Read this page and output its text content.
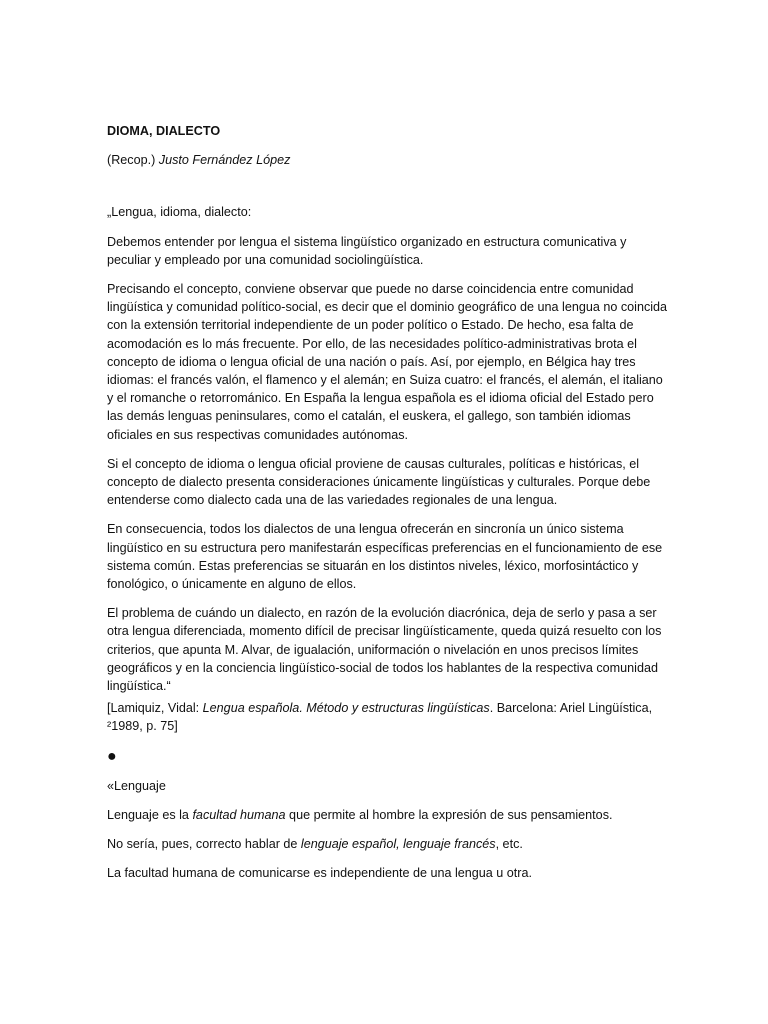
DIOMA, DIALECTO
(Recop.) Justo Fernández López
„Lengua, idioma, dialecto:
Debemos entender por lengua el sistema lingüístico organizado en estructura comunicativa y peculiar y empleado por una comunidad sociolingüística.
Precisando el concepto, conviene observar que puede no darse coincidencia entre comunidad lingüística y comunidad político-social, es decir que el dominio geográfico de una lengua no coincida con la extensión territorial independiente de un poder político o Estado. De hecho, esa falta de acomodación es lo más frecuente. Por ello, de las necesidades político-administrativas brota el concepto de idioma o lengua oficial de una nación o país. Así, por ejemplo, en Bélgica hay tres idiomas: el francés valón, el flamenco y el alemán; en Suiza cuatro: el francés, el alemán, el italiano y el romanche o retorrománico. En España la lengua española es el idioma oficial del Estado pero las demás lenguas peninsulares, como el catalán, el euskera, el gallego, son también idiomas oficiales en sus respectivas comunidades autónomas.
Si el concepto de idioma o lengua oficial proviene de causas culturales, políticas e históricas, el concepto de dialecto presenta consideraciones únicamente lingüísticas y culturales. Porque debe entenderse como dialecto cada una de las variedades regionales de una lengua.
En consecuencia, todos los dialectos de una lengua ofrecerán en sincronía un único sistema lingüístico en su estructura pero manifestarán específicas preferencias en el funcionamiento de ese sistema común. Estas preferencias se situarán en los distintos niveles, léxico, morfosintáctico y fonológico, o únicamente en alguno de ellos.
El problema de cuándo un dialecto, en razón de la evolución diacrónica, deja de serlo y pasa a ser otra lengua diferenciada, momento difícil de precisar lingüísticamente, queda quizá resuelto con los criterios, que apunta M. Alvar, de igualación, uniformación o nivelación en unos precisos límites geográficos y en la conciencia lingüístico-social de todos los hablantes de la respectiva comunidad lingüística.“
[Lamiquiz, Vidal: Lengua española. Método y estructuras lingüísticas. Barcelona: Ariel Lingüística, ²1989, p. 75]
●
«Lenguaje
Lenguaje es la facultad humana que permite al hombre la expresión de sus pensamientos.
No sería, pues, correcto hablar de lenguaje español, lenguaje francés, etc.
La facultad humana de comunicarse es independiente de una lengua u otra.
